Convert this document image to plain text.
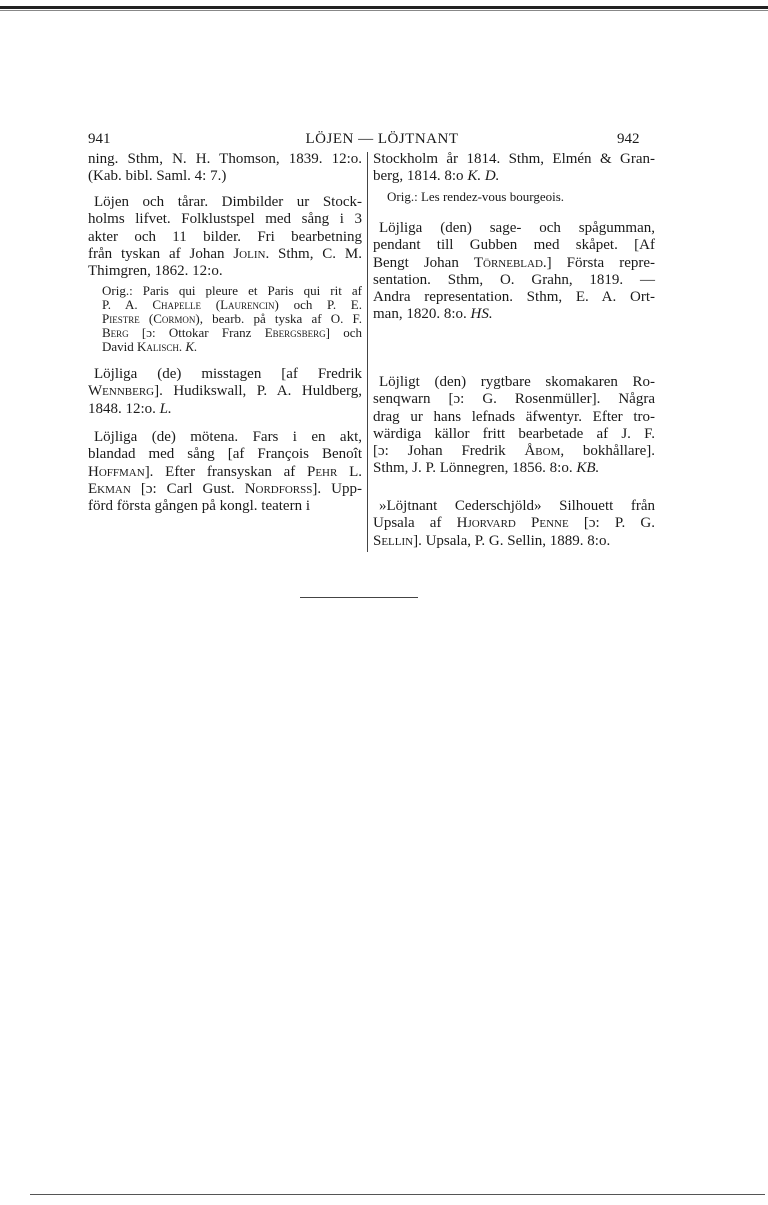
941	LÖJEN — LÖJTNANT	942
ning. Sthm, N. H. Thomson, 1839. 12:o.
(Kab. bibl. Saml. 4: 7.)
Löjen och tårar. Dimbilder ur Stock-
holms lifvet. Folklustspel med sång i 3
akter och 11 bilder. Fri bearbetning
från tyskan af Johan Jolin. Sthm, C. M.
Thimgren, 1862. 12:o.
Orig.: Paris qui pleure et Paris qui rit af
P. A. Chapelle (Laurencin) och P. E.
Piestre (Cormon), bearb. på tyska af O. F.
Berg [ɔ: Ottokar Franz Ebergsberg] och
David Kalisch. K.
Löjliga (de) misstagen [af Fredrik
Wennberg]. Hudikswall, P. A. Huldberg,
1848. 12:o. L.
Löjliga (de) mötena. Fars i en akt,
blandad med sång [af François Benoît
Hoffman]. Efter fransyskan af Pehr L.
Ekman [ɔ: Carl Gust. Nordforss]. Upp-
förd första gången på kongl. teatern i
Stockholm år 1814. Sthm, Elmén & Gran-
berg, 1814. 8:o K. D.
Orig.: Les rendez-vous bourgeois.
Löjliga (den) sage- och spågumman,
pendant till Gubben med skåpet. [Af
Bengt Johan Törneblad.] Första repre-
sentation. Sthm, O. Grahn, 1819. —
Andra representation. Sthm, E. A. Ort-
man, 1820. 8:o. HS.
Löjligt (den) rygtbare skomakaren Ro-
senqwarn [ɔ: G. Rosenmüller]. Några
drag ur hans lefnads äfwentyr. Efter tro-
wärdiga källor fritt bearbetade af J. F.
[ɔ: Johan Fredrik Åbom, bokhållare].
Sthm, J. P. Lönnegren, 1856. 8:o. KB.
»Löjtnant Cederschjöld» Silhouett från
Upsala af Hjorvard Penne [ɔ: P. G.
Sellin]. Upsala, P. G. Sellin, 1889. 8:o.
